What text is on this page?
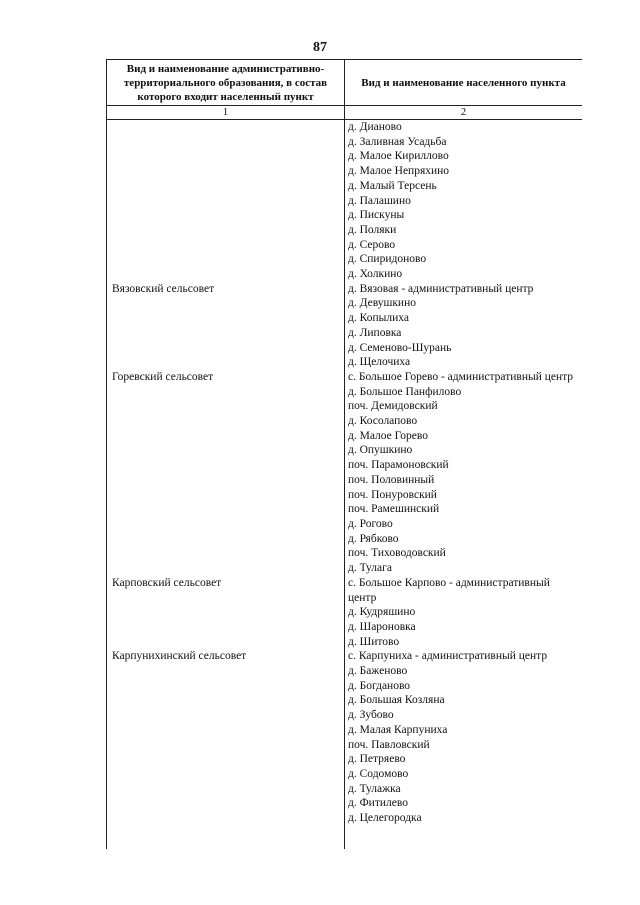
87
Вид и наименование административно-территориального образования, в состав которого входит населенный пункт
Вид и наименование населенного пункта
1	2
д. Дианово
д. Заливная Усадьба
д. Малое Кириллово
д. Малое Непряхино
д. Малый Терсень
д. Палашино
д. Пискуны
д. Поляки
д. Серово
д. Спиридоново
д. Холкино
Вязовский сельсовет	д. Вязовая - административный центр
д. Девушкино
д. Копылиха
д. Липовка
д. Семеново-Шурань
д. Щелочиха
Горевский сельсовет	с. Большое Горево - административный центр
д. Большое Панфилово
поч. Демидовский
д. Косолапово
д. Малое Горево
д. Опушкино
поч. Парамоновский
поч. Половинный
поч. Понуровский
поч. Рамешинский
д. Рогово
д. Рябково
поч. Тиховодовский
д. Тулага
Карповский сельсовет	с. Большое Карпово - административный центр
д. Кудряшино
д. Шароновка
д. Шитово
Карпунихинский сельсовет	с. Карпуниха - административный центр
д. Баженово
д. Богданово
д. Большая Козляна
д. Зубово
д. Малая Карпуниха
поч. Павловский
д. Петряево
д. Содомово
д. Тулажка
д. Фитилево
д. Целегородка
